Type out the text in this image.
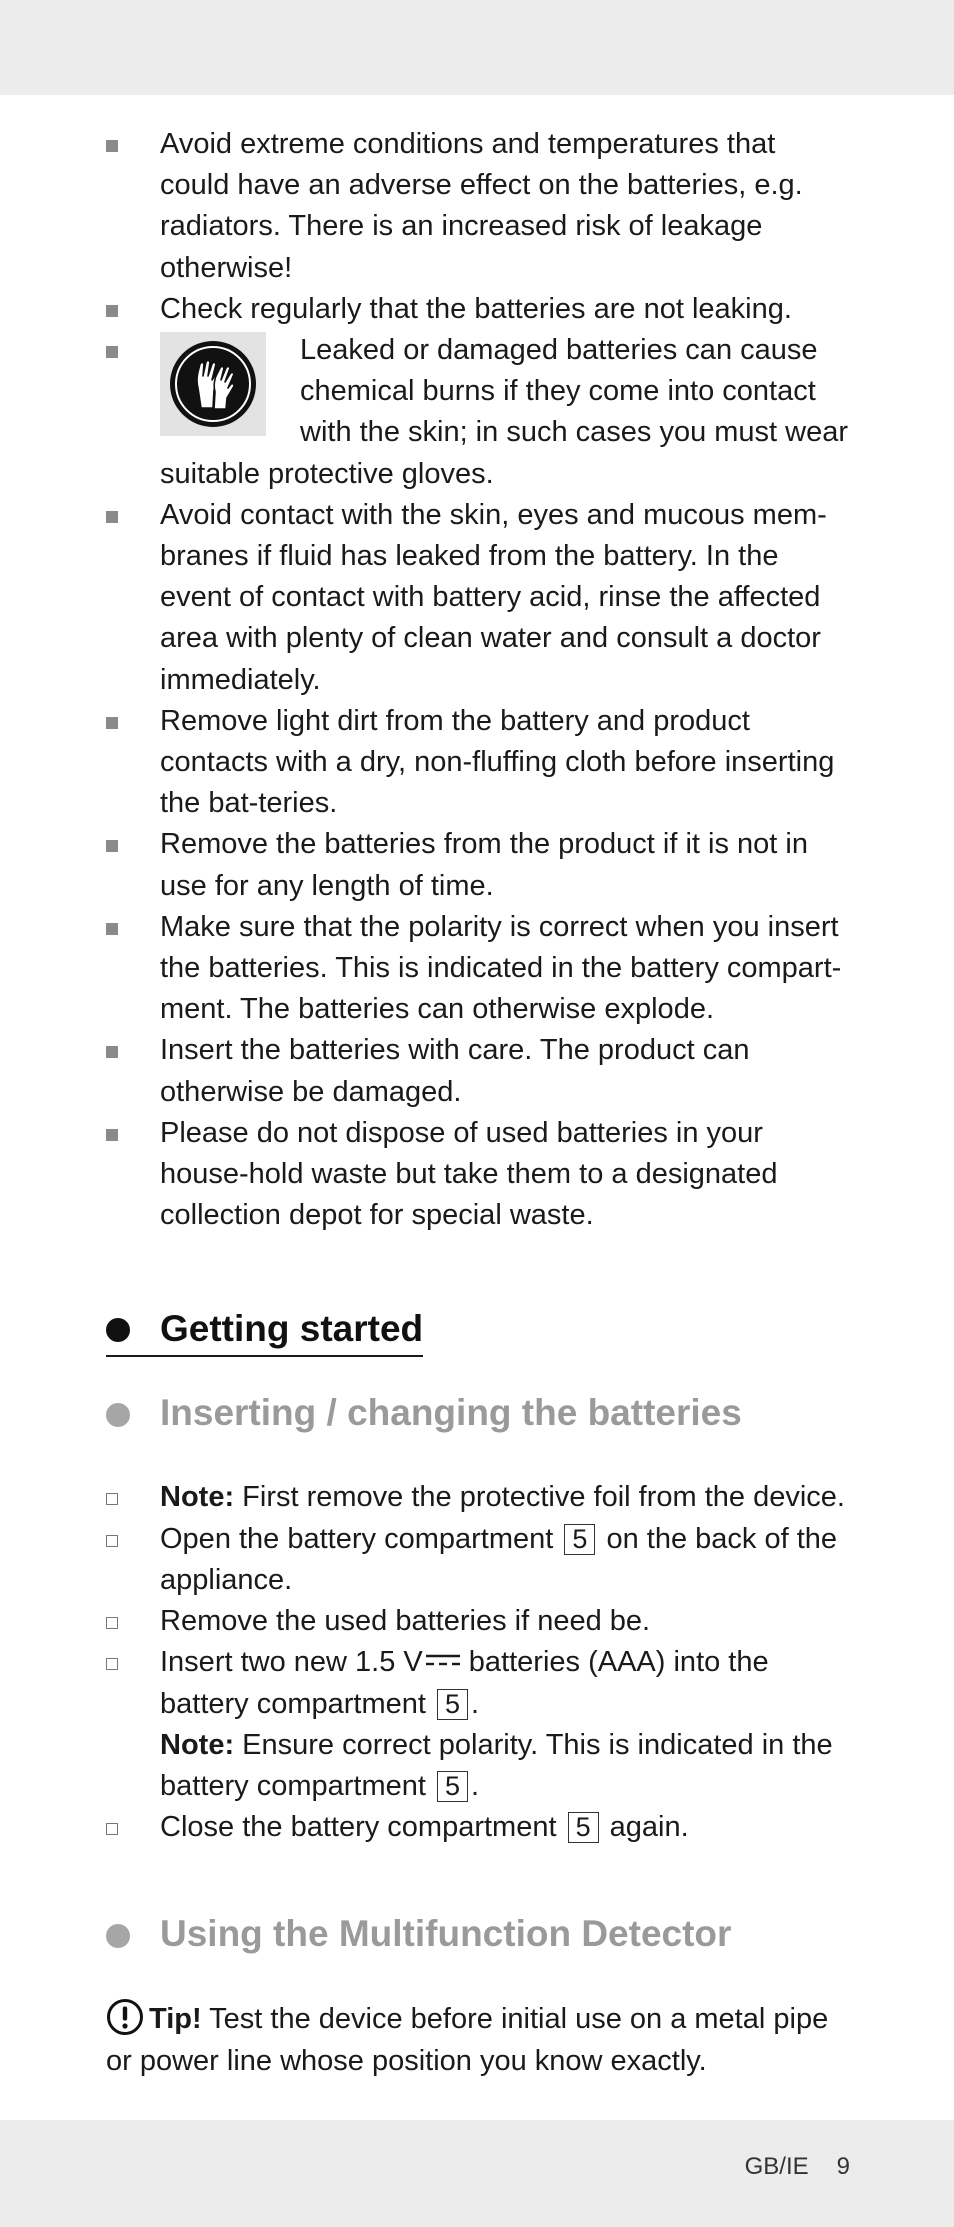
Avoid extreme conditions and temperatures that could have an adverse effect on the batteries, e.g. radiators. There is an increased risk of leakage otherwise!
Check regularly that the batteries are not leaking.
Leaked or damaged batteries can cause chemical burns if they come into contact with the skin; in such cases you must wear suitable protective gloves.
Avoid contact with the skin, eyes and mucous mem-branes if fluid has leaked from the battery. In the event of contact with battery acid, rinse the affected area with plenty of clean water and consult a doctor immediately.
Remove light dirt from the battery and product contacts with a dry, non-fluffing cloth before inserting the bat-teries.
Remove the batteries from the product if it is not in use for any length of time.
Make sure that the polarity is correct when you insert the batteries. This is indicated in the battery compart-ment. The batteries can otherwise explode.
Insert the batteries with care. The product can otherwise be damaged.
Please do not dispose of used batteries in your house-hold waste but take them to a designated collection depot for special waste.
Getting started
Inserting / changing the batteries
Note: First remove the protective foil from the device.
Open the battery compartment 5 on the back of the appliance.
Remove the used batteries if need be.
Insert two new 1.5 V
batteries (AAA) into the battery compartment 5 .
Note: Ensure correct polarity. This is indicated in the battery compartment 5 .
Close the battery compartment 5 again.
Using the Multifunction Detector

Tip! Test the device before initial use on a metal pipe or power line whose position you know exactly.

GB/IE 9
